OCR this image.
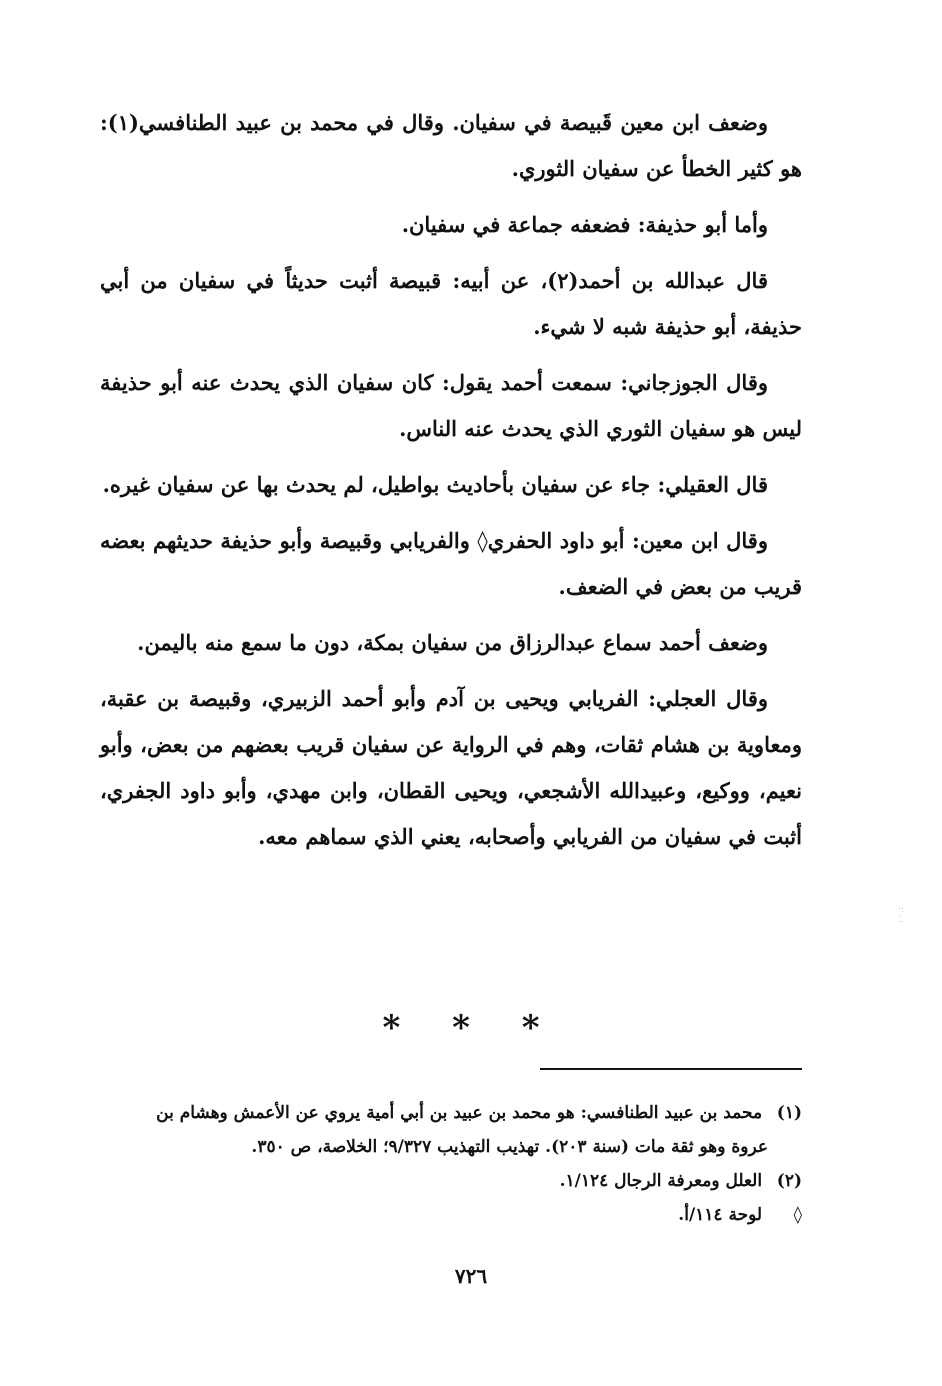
وضعف ابن معين قَبيصة في سفيان. وقال في محمد بن عبيد الطنافسي(١): هو كثير الخطأ عن سفيان الثوري.

وأما أبو حذيفة: فضعفه جماعة في سفيان.

قال عبدالله بن أحمد(٢)، عن أبيه: قبيصة أثبت حديثاً في سفيان من أبي حذيفة، أبو حذيفة شبه لا شيء.

وقال الجوزجاني: سمعت أحمد يقول: كان سفيان الذي يحدث عنه أبو حذيفة ليس هو سفيان الثوري الذي يحدث عنه الناس.

قال العقيلي: جاء عن سفيان بأحاديث بواطيل، لم يحدث بها عن سفيان غيره.

وقال ابن معين: أبو داود الحفري◊ والفريابي وقبيصة وأبو حذيفة حديثهم بعضه قريب من بعض في الضعف.

وضعف أحمد سماع عبدالرزاق من سفيان بمكة، دون ما سمع منه باليمن.

وقال العجلي: الفريابي ويحيى بن آدم وأبو أحمد الزبيري، وقبيصة بن عقبة، ومعاوية بن هشام ثقات، وهم في الرواية عن سفيان قريب بعضهم من بعض، وأبو نعيم، ووكيع، وعبيدالله الأشجعي، ويحيى القطان، وابن مهدي، وأبو داود الجفري، أثبت في سفيان من الفريابي وأصحابه، يعني الذي سماهم معه.

* * *

(١) محمد بن عبيد الطنافسي: هو محمد بن عبيد بن أبي أمية يروي عن الأعمش وهشام بن

عروة وهو ثقة مات (سنة ٢٠٣). تهذيب التهذيب ٩/٣٢٧؛ الخلاصة، ص ٣٥٠.

(٢) العلل ومعرفة الرجال ١/١٢٤.

◊ لوحة ١١٤/أ.

٧٢٦
·:
⁚.
